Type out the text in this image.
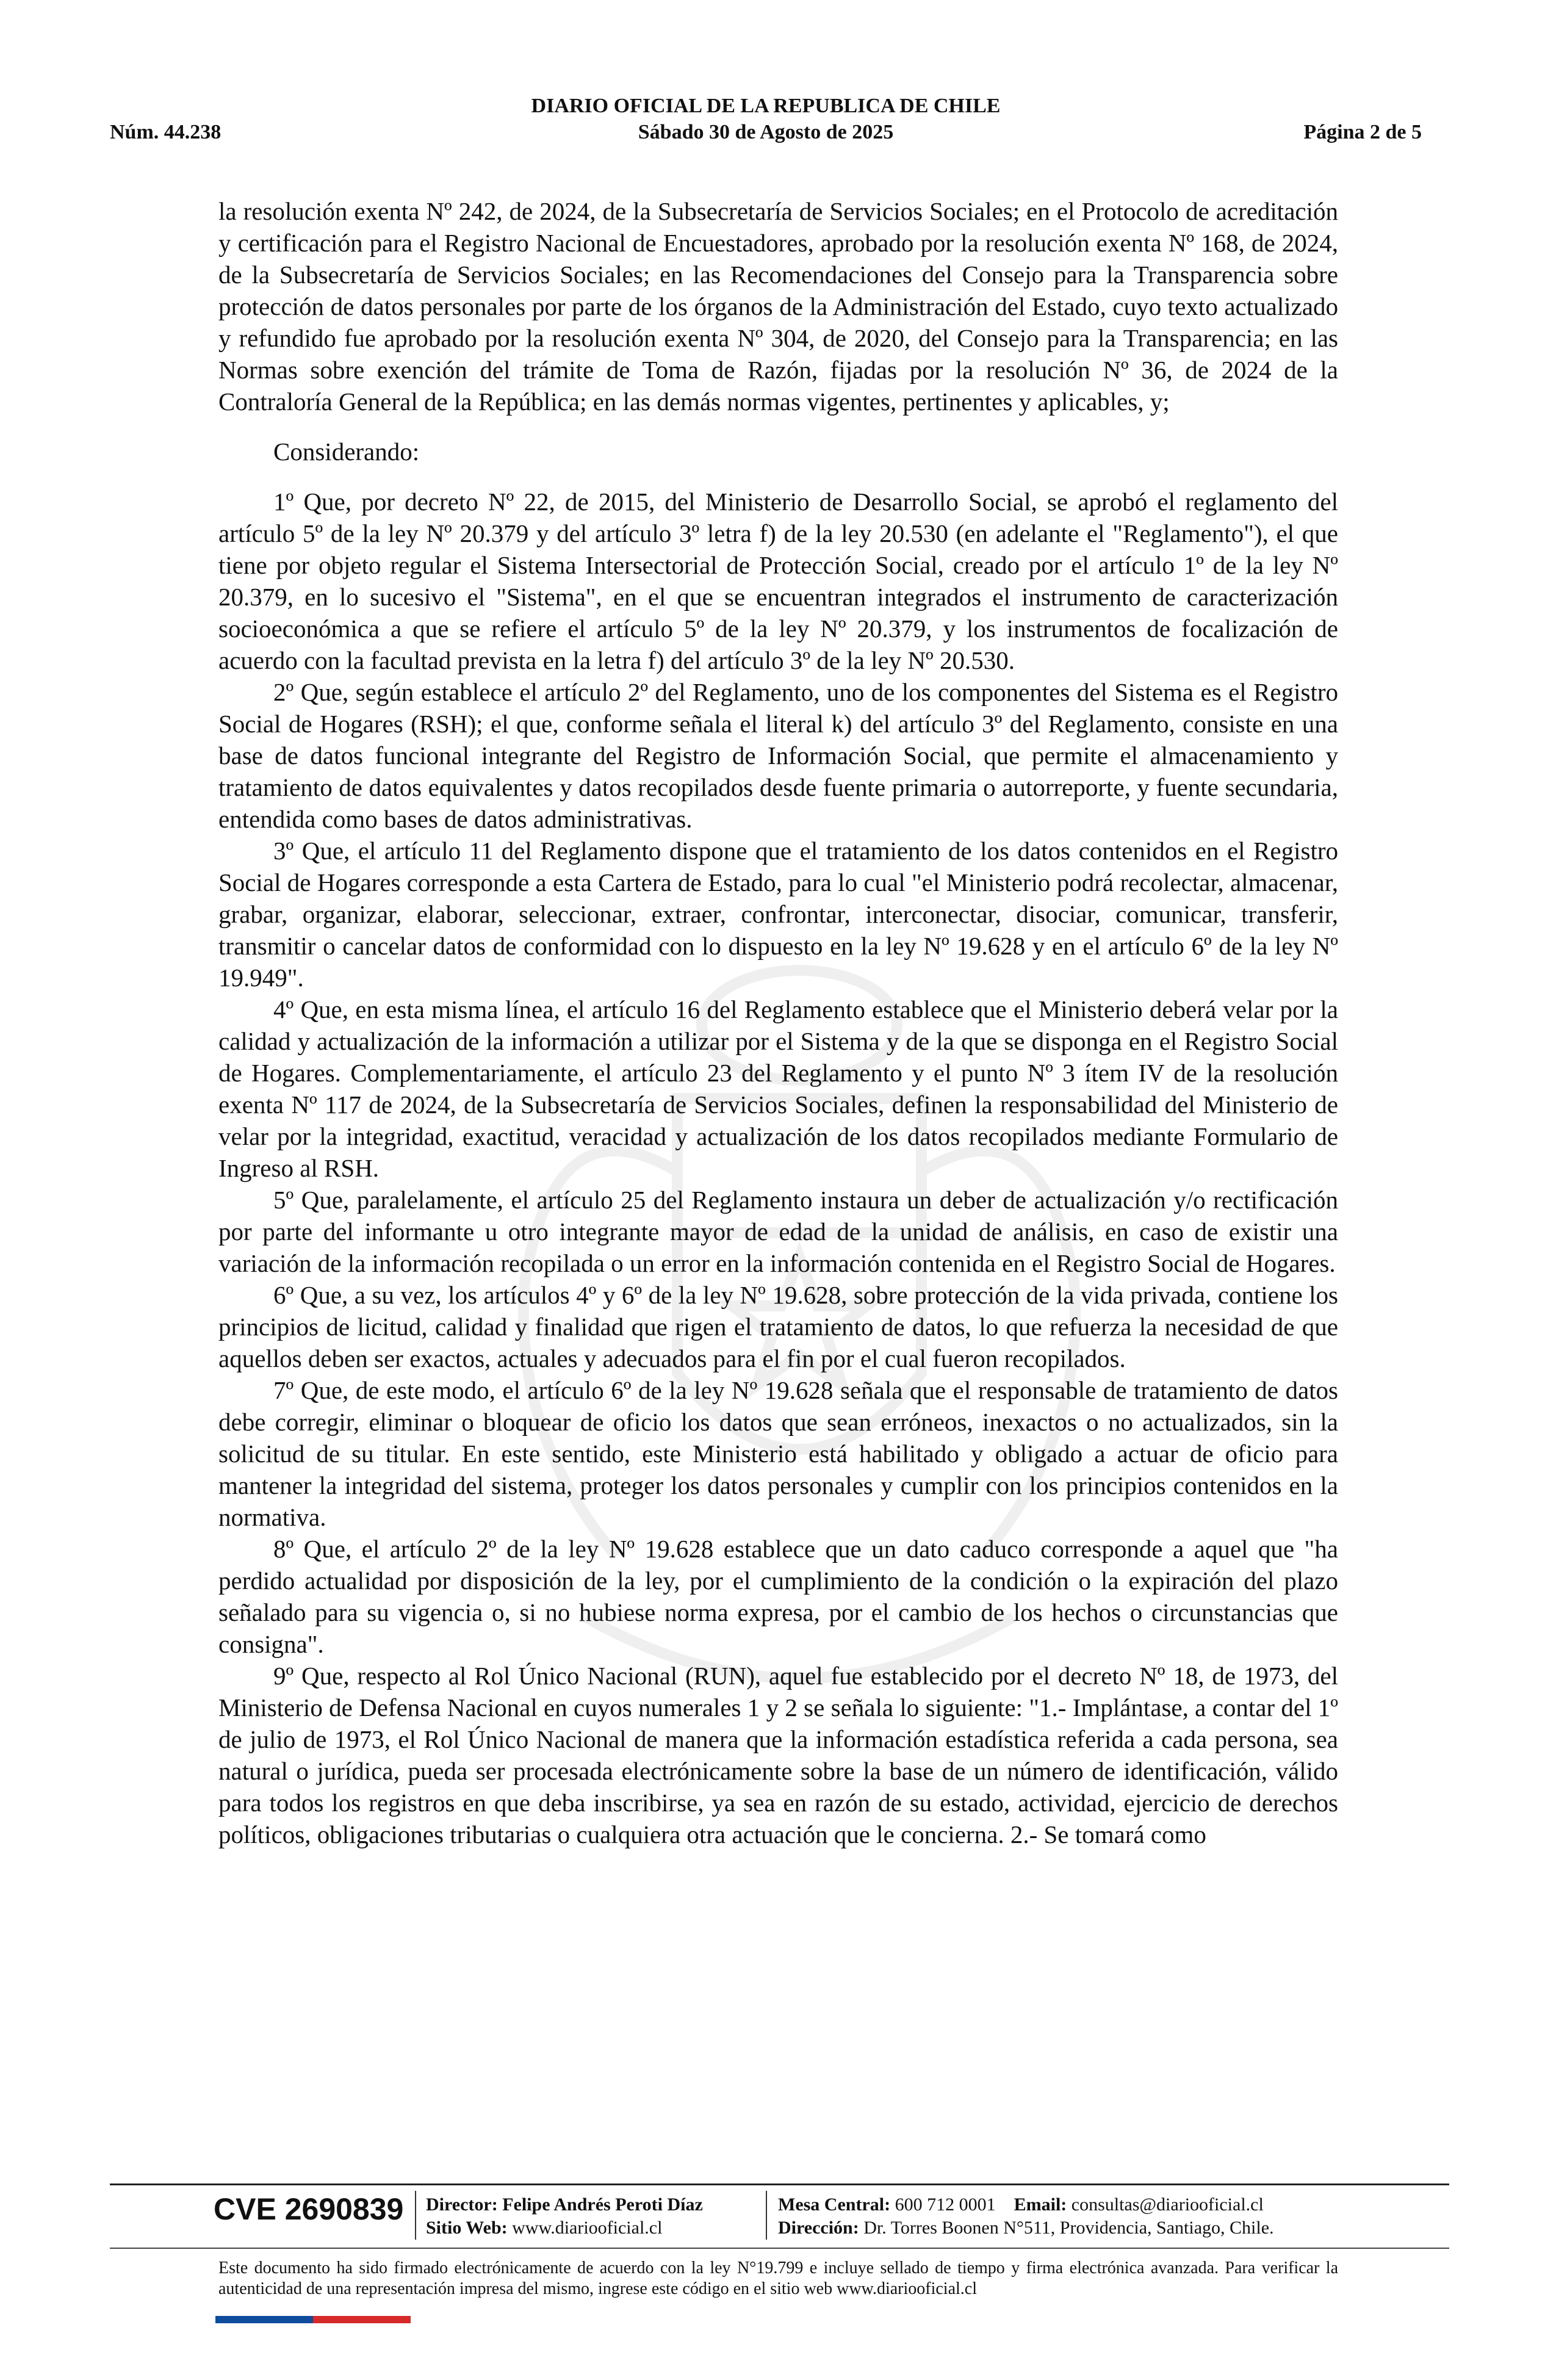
DIARIO OFICIAL DE LA REPUBLICA DE CHILE
Núm. 44.238	Sábado 30 de Agosto de 2025	Página 2 de 5

la resolución exenta Nº 242, de 2024, de la Subsecretaría de Servicios Sociales; en el Protocolo de acreditación y certificación para el Registro Nacional de Encuestadores, aprobado por la resolución exenta Nº 168, de 2024, de la Subsecretaría de Servicios Sociales; en las Recomendaciones del Consejo para la Transparencia sobre protección de datos personales por parte de los órganos de la Administración del Estado, cuyo texto actualizado y refundido fue aprobado por la resolución exenta Nº 304, de 2020, del Consejo para la Transparencia; en las Normas sobre exención del trámite de Toma de Razón, fijadas por la resolución Nº 36, de 2024 de la Contraloría General de la República; en las demás normas vigentes, pertinentes y aplicables, y;

Considerando:

1º Que, por decreto Nº 22, de 2015, del Ministerio de Desarrollo Social, se aprobó el reglamento del artículo 5º de la ley Nº 20.379 y del artículo 3º letra f) de la ley 20.530 (en adelante el "Reglamento"), el que tiene por objeto regular el Sistema Intersectorial de Protección Social, creado por el artículo 1º de la ley Nº 20.379, en lo sucesivo el "Sistema", en el que se encuentran integrados el instrumento de caracterización socioeconómica a que se refiere el artículo 5º de la ley Nº 20.379, y los instrumentos de focalización de acuerdo con la facultad prevista en la letra f) del artículo 3º de la ley Nº 20.530.

2º Que, según establece el artículo 2º del Reglamento, uno de los componentes del Sistema es el Registro Social de Hogares (RSH); el que, conforme señala el literal k) del artículo 3º del Reglamento, consiste en una base de datos funcional integrante del Registro de Información Social, que permite el almacenamiento y tratamiento de datos equivalentes y datos recopilados desde fuente primaria o autorreporte, y fuente secundaria, entendida como bases de datos administrativas.

3º Que, el artículo 11 del Reglamento dispone que el tratamiento de los datos contenidos en el Registro Social de Hogares corresponde a esta Cartera de Estado, para lo cual "el Ministerio podrá recolectar, almacenar, grabar, organizar, elaborar, seleccionar, extraer, confrontar, interconectar, disociar, comunicar, transferir, transmitir o cancelar datos de conformidad con lo dispuesto en la ley Nº 19.628 y en el artículo 6º de la ley Nº 19.949".

4º Que, en esta misma línea, el artículo 16 del Reglamento establece que el Ministerio deberá velar por la calidad y actualización de la información a utilizar por el Sistema y de la que se disponga en el Registro Social de Hogares. Complementariamente, el artículo 23 del Reglamento y el punto Nº 3 ítem IV de la resolución exenta Nº 117 de 2024, de la Subsecretaría de Servicios Sociales, definen la responsabilidad del Ministerio de velar por la integridad, exactitud, veracidad y actualización de los datos recopilados mediante Formulario de Ingreso al RSH.

5º Que, paralelamente, el artículo 25 del Reglamento instaura un deber de actualización y/o rectificación por parte del informante u otro integrante mayor de edad de la unidad de análisis, en caso de existir una variación de la información recopilada o un error en la información contenida en el Registro Social de Hogares.

6º Que, a su vez, los artículos 4º y 6º de la ley Nº 19.628, sobre protección de la vida privada, contiene los principios de licitud, calidad y finalidad que rigen el tratamiento de datos, lo que refuerza la necesidad de que aquellos deben ser exactos, actuales y adecuados para el fin por el cual fueron recopilados.

7º Que, de este modo, el artículo 6º de la ley Nº 19.628 señala que el responsable de tratamiento de datos debe corregir, eliminar o bloquear de oficio los datos que sean erróneos, inexactos o no actualizados, sin la solicitud de su titular. En este sentido, este Ministerio está habilitado y obligado a actuar de oficio para mantener la integridad del sistema, proteger los datos personales y cumplir con los principios contenidos en la normativa.

8º Que, el artículo 2º de la ley Nº 19.628 establece que un dato caduco corresponde a aquel que "ha perdido actualidad por disposición de la ley, por el cumplimiento de la condición o la expiración del plazo señalado para su vigencia o, si no hubiese norma expresa, por el cambio de los hechos o circunstancias que consigna".

9º Que, respecto al Rol Único Nacional (RUN), aquel fue establecido por el decreto Nº 18, de 1973, del Ministerio de Defensa Nacional en cuyos numerales 1 y 2 se señala lo siguiente: "1.- Implántase, a contar del 1º de julio de 1973, el Rol Único Nacional de manera que la información estadística referida a cada persona, sea natural o jurídica, pueda ser procesada electrónicamente sobre la base de un número de identificación, válido para todos los registros en que deba inscribirse, ya sea en razón de su estado, actividad, ejercicio de derechos políticos, obligaciones tributarias o cualquiera otra actuación que le concierna. 2.- Se tomará como

CVE 2690839 Director: Felipe Andrés Peroti Díaz
Sitio Web: www.diariooficial.cl
Mesa Central: 600 712 0001 Email: consultas@diariooficial.cl
Dirección: Dr. Torres Boonen N°511, Providencia, Santiago, Chile.
Este documento ha sido firmado electrónicamente de acuerdo con la ley N°19.799 e incluye sellado de tiempo y firma electrónica avanzada. Para verificar la autenticidad de una representación impresa del mismo, ingrese este código en el sitio web www.diariooficial.cl
